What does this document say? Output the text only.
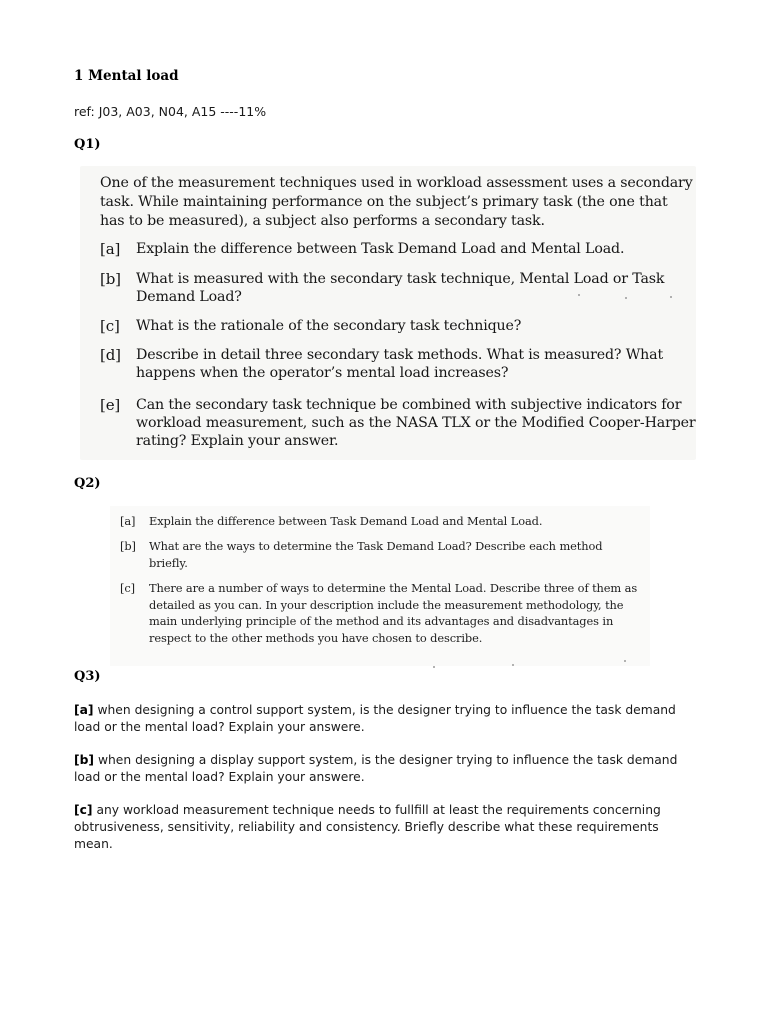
1 Mental load
ref: J03, A03, N04, A15 ----11%
Q1)
One of the measurement techniques used in workload assessment uses a secondary task. While maintaining performance on the subject’s primary task (the one that has to be measured), a subject also performs a secondary task.
[a] Explain the difference between Task Demand Load and Mental Load.
[b] What is measured with the secondary task technique, Mental Load or Task Demand Load?
[c] What is the rationale of the secondary task technique?
[d] Describe in detail three secondary task methods. What is measured? What happens when the operator’s mental load increases?
[e] Can the secondary task technique be combined with subjective indicators for workload measurement, such as the NASA TLX or the Modified Cooper-Harper rating? Explain your answer.
Q2)
[a] Explain the difference between Task Demand Load and Mental Load.
[b] What are the ways to determine the Task Demand Load? Describe each method briefly.
[c] There are a number of ways to determine the Mental Load. Describe three of them as detailed as you can. In your description include the measurement methodology, the main underlying principle of the method and its advantages and disadvantages in respect to the other methods you have chosen to describe.
Q3)
[a] when designing a control support system, is the designer trying to influence the task demand load or the mental load? Explain your answere.
[b] when designing a display support system, is the designer trying to influence the task demand load or the mental load? Explain your answere.
[c] any workload measurement technique needs to fullfill at least the requirements concerning obtrusiveness, sensitivity, reliability and consistency. Briefly describe what these requirements mean.
